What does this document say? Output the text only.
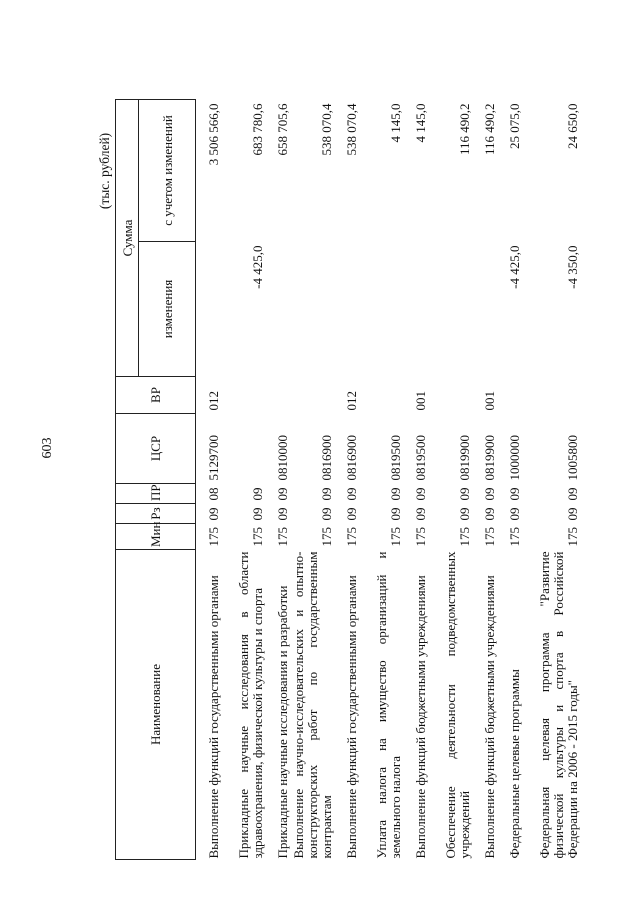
603
(тыс. рублей)
Наименование	Мин	Рз	ПР	ЦСР	ВР	Сумма	
						изменения	с учетом изменений
Выполнение функций государственными органами	175	09	08	5129700	012		3 506 566,0
Прикладные научные исследования в области здравоохранения, физической культуры и спорта	175	09	09			-4 425,0	683 780,6
Прикладные научные исследования и разработки	175	09	09	0810000			658 705,6
Выполнение научно-исследовательских и опытно-конструкторских работ по государственным контрактам	175	09	09	0816900			538 070,4
Выполнение функций государственными органами	175	09	09	0816900	012		538 070,4
Уплата налога на имущество организаций и земельного налога	175	09	09	0819500			4 145,0
Выполнение функций бюджетными учреждениями	175	09	09	0819500	001		4 145,0
Обеспечение деятельности подведомственных учреждений	175	09	09	0819900			116 490,2
Выполнение функций бюджетными учреждениями	175	09	09	0819900	001		116 490,2
Федеральные целевые программы	175	09	09	1000000		-4 425,0	25 075,0
Федеральная целевая программа "Развитие физической культуры и спорта в Российской Федерации на 2006 - 2015 годы"	175	09	09	1005800		-4 350,0	24 650,0
